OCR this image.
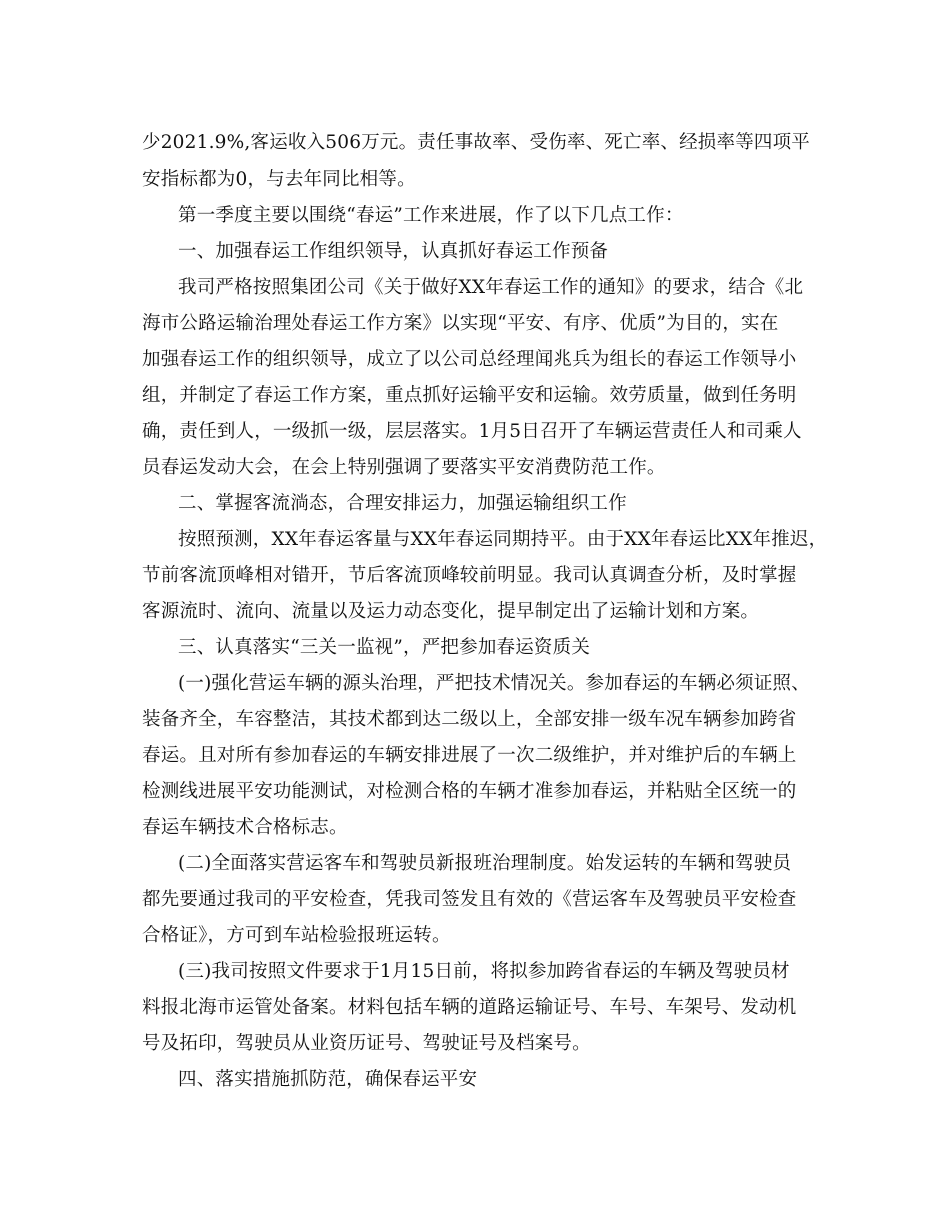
少2021.9%,客运收入506万元。责任事故率、受伤率、死亡率、经损率等四项平
安指标都为0，与去年同比相等。
第一季度主要以围绕“春运”工作来进展，作了以下几点工作：
一、加强春运工作组织领导，认真抓好春运工作预备
我司严格按照集团公司《关于做好XX年春运工作的通知》的要求，结合《北
海市公路运输治理处春运工作方案》以实现“平安、有序、优质”为目的，实在
加强春运工作的组织领导，成立了以公司总经理闻兆兵为组长的春运工作领导小
组，并制定了春运工作方案，重点抓好运输平安和运输。效劳质量，做到任务明
确，责任到人，一级抓一级，层层落实。1月5日召开了车辆运营责任人和司乘人
员春运发动大会，在会上特别强调了要落实平安消费防范工作。
二、掌握客流淌态，合理安排运力，加强运输组织工作
按照预测，XX年春运客量与XX年春运同期持平。由于XX年春运比XX年推迟，
节前客流顶峰相对错开，节后客流顶峰较前明显。我司认真调查分析，及时掌握
客源流时、流向、流量以及运力动态变化，提早制定出了运输计划和方案。
三、认真落实“三关一监视”，严把参加春运资质关
(一)强化营运车辆的源头治理，严把技术情况关。参加春运的车辆必须证照、
装备齐全，车容整洁，其技术都到达二级以上，全部安排一级车况车辆参加跨省
春运。且对所有参加春运的车辆安排进展了一次二级维护，并对维护后的车辆上
检测线进展平安功能测试，对检测合格的车辆才准参加春运，并粘贴全区统一的
春运车辆技术合格标志。
(二)全面落实营运客车和驾驶员新报班治理制度。始发运转的车辆和驾驶员
都先要通过我司的平安检查，凭我司签发且有效的《营运客车及驾驶员平安检查
合格证》，方可到车站检验报班运转。
(三)我司按照文件要求于1月15日前，将拟参加跨省春运的车辆及驾驶员材
料报北海市运管处备案。材料包括车辆的道路运输证号、车号、车架号、发动机
号及拓印，驾驶员从业资历证号、驾驶证号及档案号。
四、落实措施抓防范，确保春运平安
